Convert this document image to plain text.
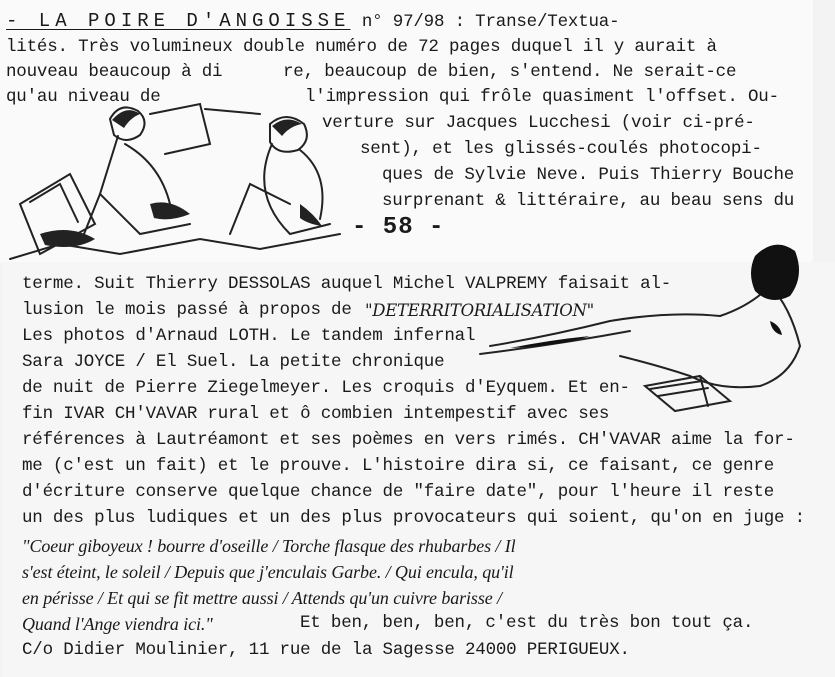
- LA POIRE D'ANGOISSE n° 97/98 : Transe/Textua-
lités. Très volumineux double numéro de 72 pages duquel il y aurait à
nouveau beaucoup à di	re, beaucoup de bien, s'entend. Ne serait-ce
qu'au niveau de	l'impression qui frôle quasiment l'offset. Ou-
verture sur Jacques Lucchesi (voir ci-pré-
sent), et les glissés-coulés photocopi-
ques de Sylvie Neve. Puis Thierry Bouche
surprenant & littéraire, au beau sens du
- 58 -
terme. Suit Thierry DESSOLAS auquel Michel VALPREMY faisait al-
lusion le mois passé à propos de "DETERRITORIALISATION"
Les photos d'Arnaud LOTH. Le tandem infernal
Sara JOYCE / El Suel. La petite chronique
de nuit de Pierre Ziegelmeyer. Les croquis d'Eyquem. Et en-
fin IVAR CH'VAVAR rural et ô combien intempestif avec ses
références à Lautréamont et ses poèmes en vers rimés. CH'VAVAR aime la for-
me (c'est un fait) et le prouve. L'histoire dira si, ce faisant, ce genre
d'écriture conserve quelque chance de "faire date", pour l'heure il reste
un des plus ludiques et un des plus provocateurs qui soient, qu'on en juge :
"Coeur giboyeux ! bourre d'oseille / Torche flasque des rhubarbes / Il
s'est éteint, le soleil / Depuis que j'enculais Garbe. / Qui encula, qu'il
en périsse / Et qui se fit mettre aussi / Attends qu'un cuivre barisse /
Quand l'Ange viendra ici."	Et ben, ben, ben, c'est du très bon tout ça.
C/o Didier Moulinier, 11 rue de la Sagesse 24000 PERIGUEUX.
